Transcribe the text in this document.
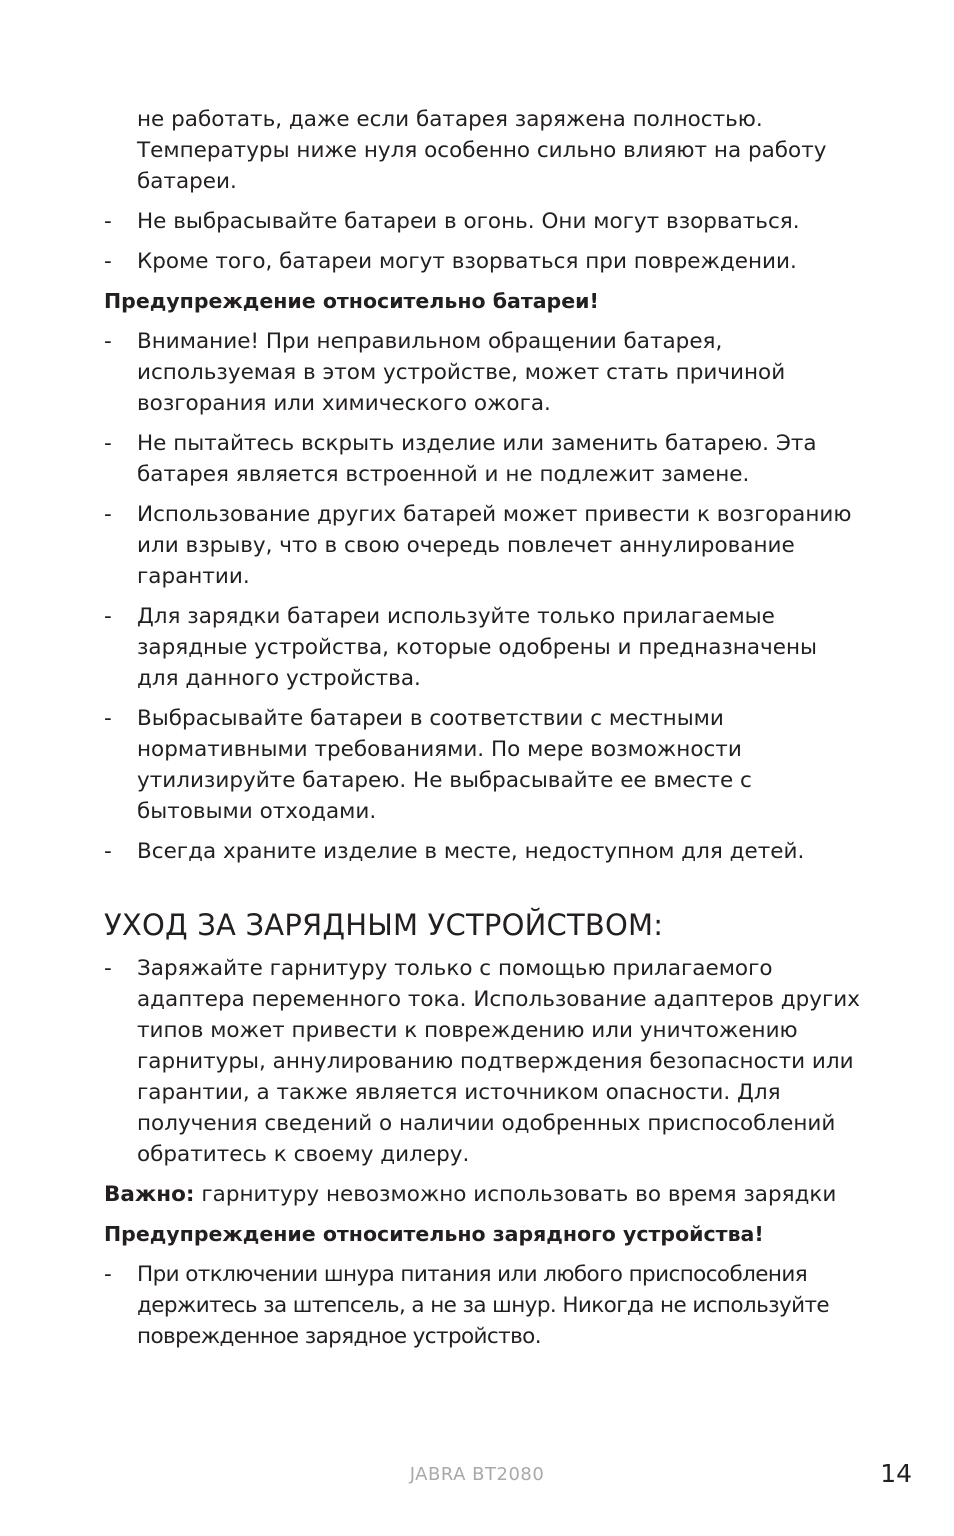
не работать, даже если батарея заряжена полностью. Температуры ниже нуля особенно сильно влияют на работу батареи.
- Не выбрасывайте батареи в огонь. Они могут взорваться.
- Кроме того, батареи могут взорваться при повреждении.
Предупреждение относительно батареи!
- Внимание! При неправильном обращении батарея, используемая в этом устройстве, может стать причиной возгорания или химического ожога.
- Не пытайтесь вскрыть изделие или заменить батарею. Эта батарея является встроенной и не подлежит замене.
- Использование других батарей может привести к возгоранию или взрыву, что в свою очередь повлечет аннулирование гарантии.
- Для зарядки батареи используйте только прилагаемые зарядные устройства, которые одобрены и предназначены для данного устройства.
- Выбрасывайте батареи в соответствии с местными нормативными требованиями. По мере возможности утилизируйте батарею. Не выбрасывайте ее вместе с бытовыми отходами.
- Всегда храните изделие в месте, недоступном для детей.
УХОД ЗА ЗАРЯДНЫМ УСТРОЙСТВОМ:
- Заряжайте гарнитуру только с помощью прилагаемого адаптера переменного тока. Использование адаптеров других типов может привести к повреждению или уничтожению гарнитуры, аннулированию подтверждения безопасности или гарантии, а также является источником опасности. Для получения сведений о наличии одобренных приспособлений обратитесь к своему дилеру.
Важно: гарнитуру невозможно использовать во время зарядки
Предупреждение относительно зарядного устройства!
- При отключении шнура питания или любого приспособления держитесь за штепсель, а не за шнур. Никогда не используйте поврежденное зарядное устройство.
JABRA BT2080	14
